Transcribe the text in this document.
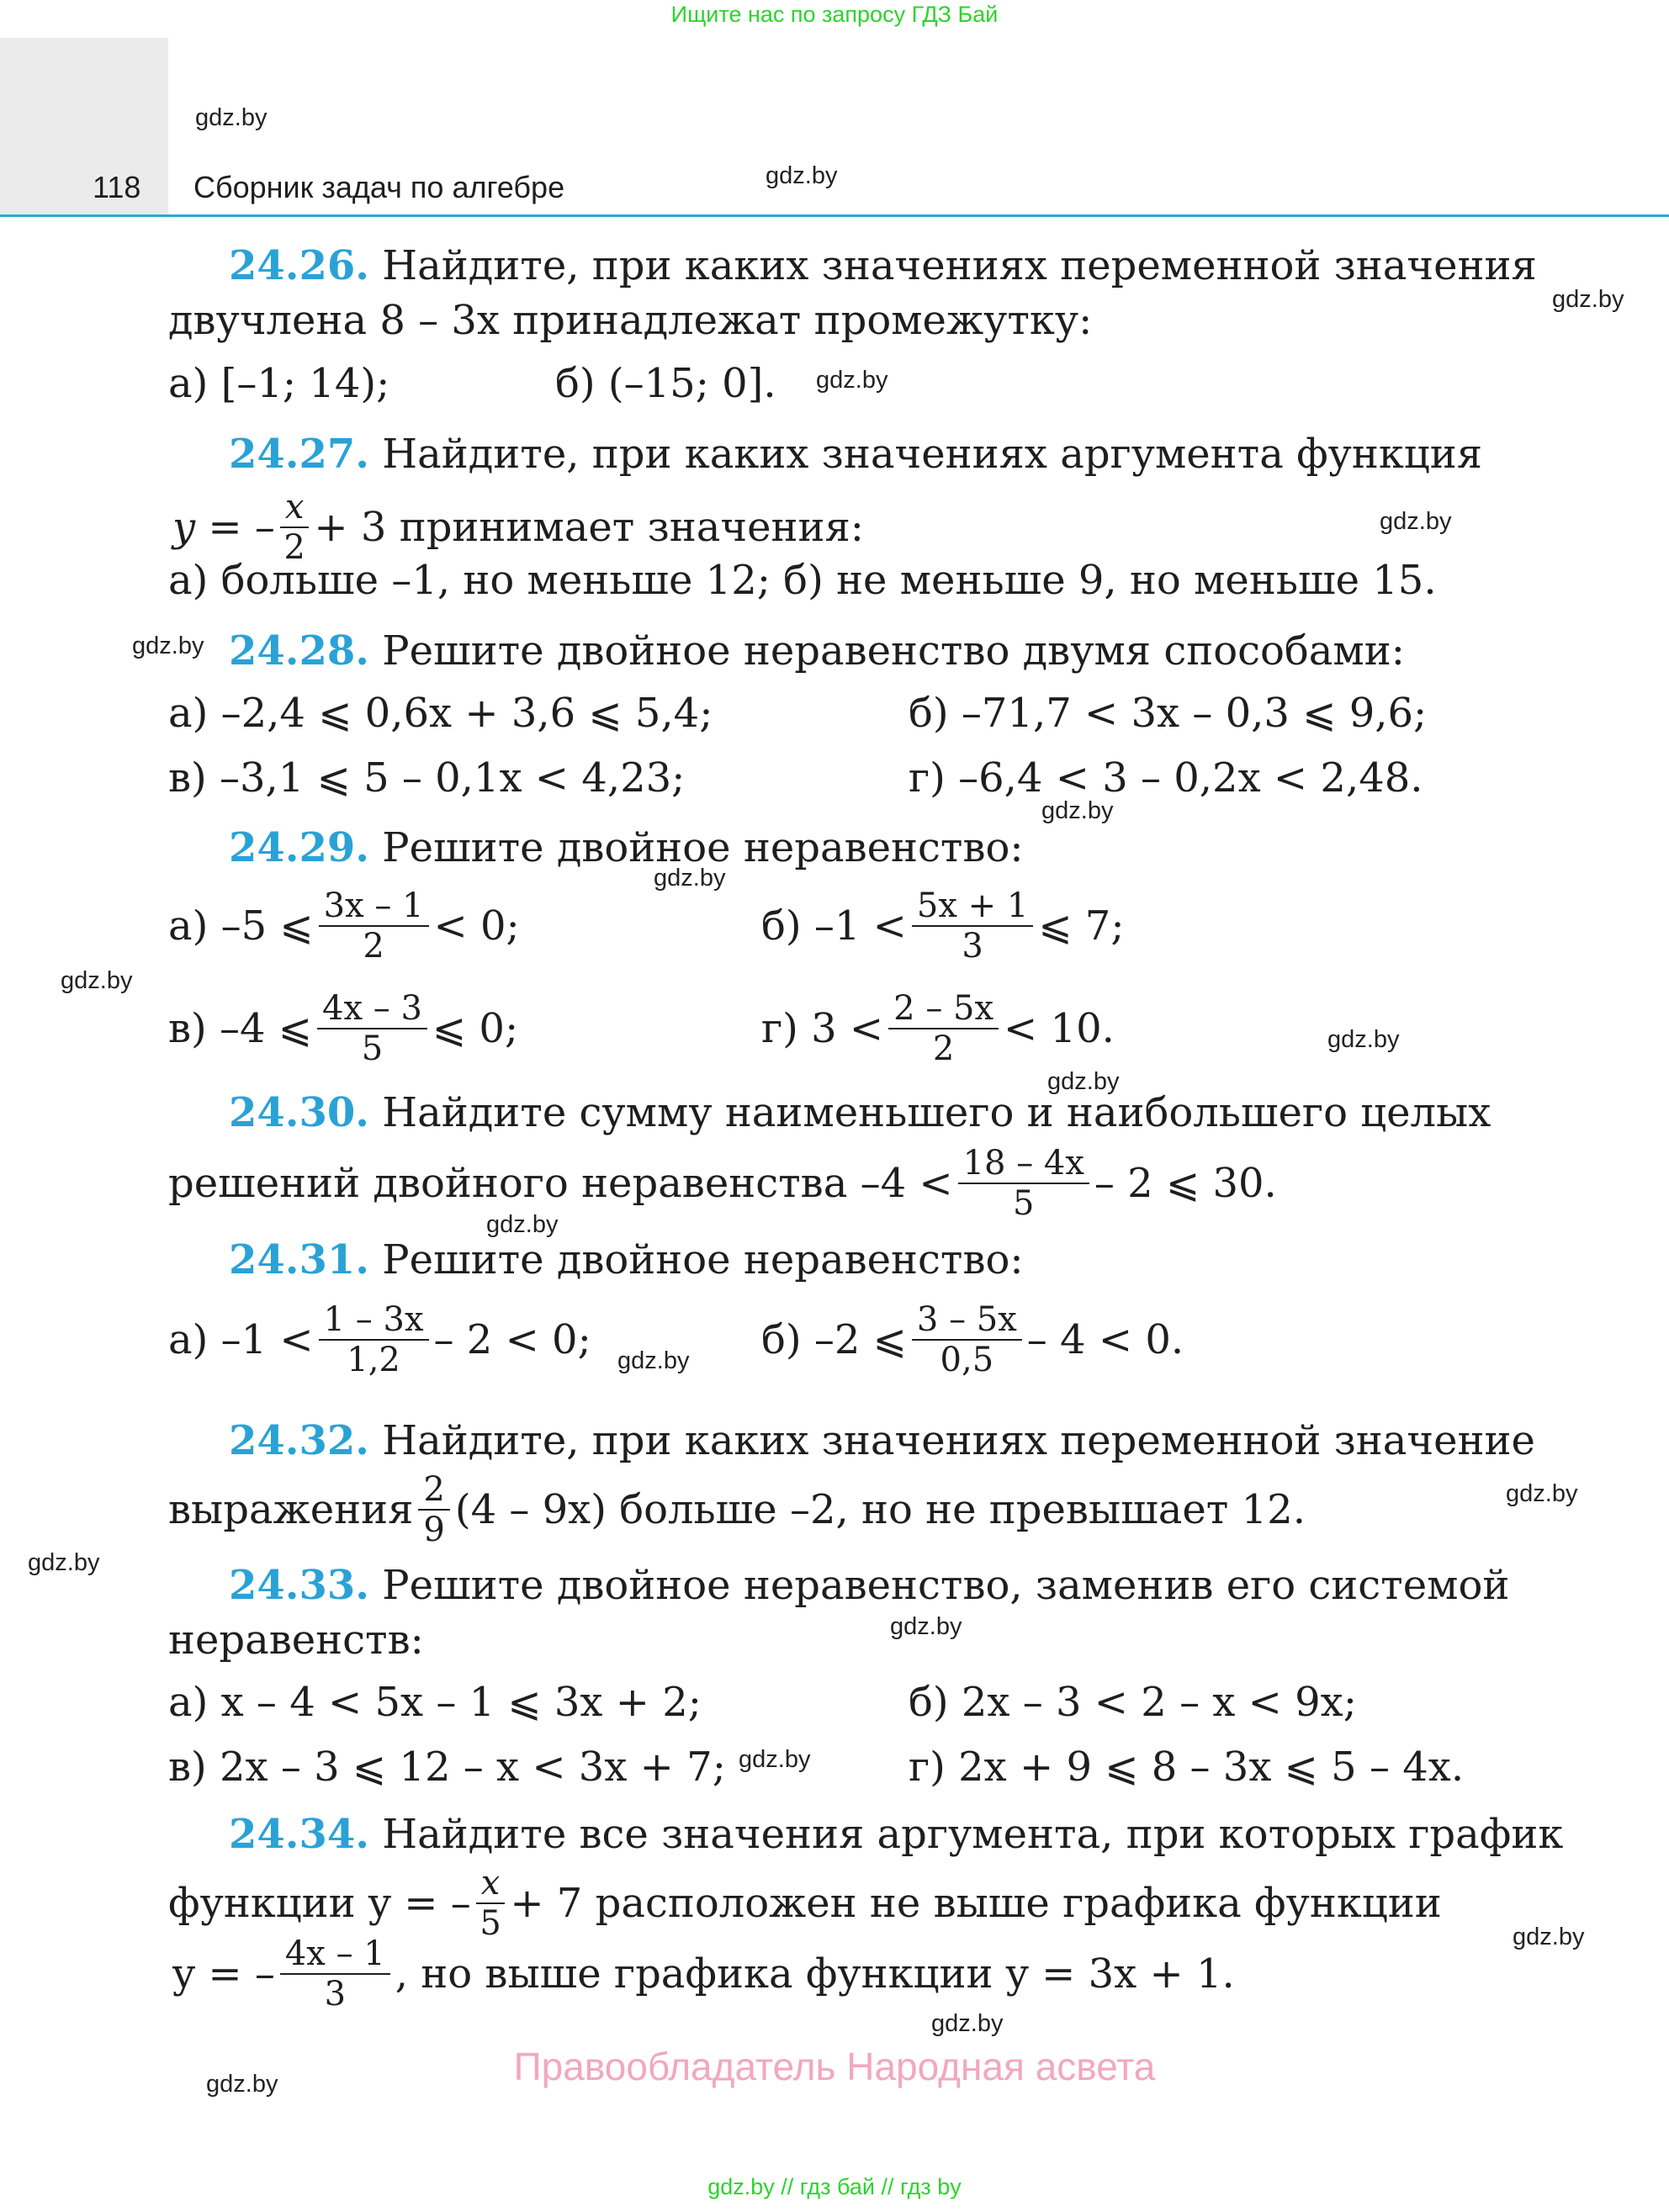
Ищите нас по запросу ГДЗ Бай
118 Сборник задач по алгебре
gdz.by
gdz.by
gdz.by
gdz.by
gdz.by
gdz.by
gdz.by
gdz.by
gdz.by
gdz.by
gdz.by
gdz.by
gdz.by
gdz.by
gdz.by
gdz.by
gdz.by
gdz.by
gdz.by
gdz.by
24.26. Найдите, при каких значениях переменной значения
двучлена 8 – 3x принадлежат промежутку:
а) [–1; 14);	б) (–15; 0].
24.27. Найдите, при каких значениях аргумента функция
y = – $\frac{x}{2} + 3$ принимает значения:
а) больше –1, но меньше 12; б) не меньше 9, но меньше 15.
24.28. Решите двойное неравенство двумя способами:
а) –2,4 ⩽ 0,6x + 3,6 ⩽ 5,4;	б) –71,7 < 3x – 0,3 ⩽ 9,6;
в) –3,1 ⩽ 5 – 0,1x < 4,23;	г) –6,4 < 3 – 0,2x < 2,48.
24.29. Решите двойное неравенство:
а) –5 ⩽ $\frac{3x - 1}{2} < 0$;	б) $-1 < \frac{5x + 1}{3}$ ⩽ 7;
в) –4 ⩽ $\frac{4x - 3}{5}$ ⩽ 0;	г) $3 < \frac{2 - 5x}{2} < 10$.
24.30. Найдите сумму наименьшего и наибольшего целых
решений двойного неравенства $-4 < \frac{18 - 4x}{5} - 2$ ⩽ 30.
24.31. Решите двойное неравенство:
а) $-1 < \frac{1 - 3x}{1,2} - 2 < 0$;	б) –2 ⩽ $\frac{3 - 5x}{0,5} - 4 < 0$.
24.32. Найдите, при каких значениях переменной значение
выражения $\frac{2}{9} (4 - 9x)$ больше –2, но не превышает 12.
24.33. Решите двойное неравенство, заменив его системой
неравенств:
а) x – 4 < 5x – 1 ⩽ 3x + 2;	б) 2x – 3 < 2 – x < 9x;
в) 2x – 3 ⩽ 12 – x < 3x + 7;	г) 2x + 9 ⩽ 8 – 3x ⩽ 5 – 4x.
24.34. Найдите все значения аргумента, при которых график
функции y = – $\frac{x}{5} + 7$ расположен не выше графика функции
y = – $\frac{4x - 1}{3}$ , но выше графика функции y = 3x + 1.
Правообладатель Народная асвета
gdz.by // гдз бай // гдз by
